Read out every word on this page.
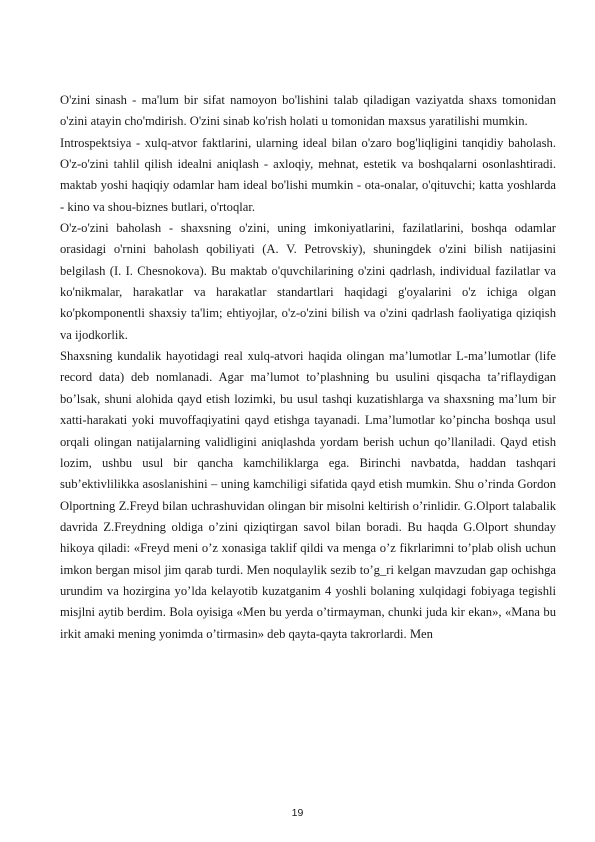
O'zini sinash - ma'lum bir sifat namoyon bo'lishini talab qiladigan vaziyatda shaxs tomonidan o'zini atayin cho'mdirish. O'zini sinab ko'rish holati u tomonidan maxsus yaratilishi mumkin.

Introspektsiya - xulq-atvor faktlarini, ularning ideal bilan o'zaro bog'liqligini tanqidiy baholash. O'z-o'zini tahlil qilish idealni aniqlash - axloqiy, mehnat, estetik va boshqalarni osonlashtiradi. maktab yoshi haqiqiy odamlar ham ideal bo'lishi mumkin - ota-onalar, o'qituvchi; katta yoshlarda - kino va shou-biznes butlari, o'rtoqlar.

O'z-o'zini baholash - shaxsning o'zini, uning imkoniyatlarini, fazilatlarini, boshqa odamlar orasidagi o'rnini baholash qobiliyati (A. V. Petrovskiy), shuningdek o'zini bilish natijasini belgilash (I. I. Chesnokova). Bu maktab o'quvchilarining o'zini qadrlash, individual fazilatlar va ko'nikmalar, harakatlar va harakatlar standartlari haqidagi g'oyalarini o'z ichiga olgan ko'pkomponentli shaxsiy ta'lim; ehtiyojlar, o'z-o'zini bilish va o'zini qadrlash faoliyatiga qiziqish va ijodkorlik.

Shaxsning kundalik hayotidagi real xulq-atvori haqida olingan ma’lumotlar L-ma’lumotlar (life record data) deb nomlanadi. Agar ma’lumot to’plashning bu usulini qisqacha ta’riflaydigan bo’lsak, shuni alohida qayd etish lozimki, bu usul tashqi kuzatishlarga va shaxsning ma’lum bir xatti-harakati yoki muvoffaqiyatini qayd etishga tayanadi. Lma’lumotlar ko’pincha boshqa usul orqali olingan natijalarning validligini aniqlashda yordam berish uchun qo’llaniladi. Qayd etish lozim, ushbu usul bir qancha kamchiliklarga ega. Birinchi navbatda, haddan tashqari sub’ektivlilikka asoslanishini – uning kamchiligi sifatida qayd etish mumkin. Shu o’rinda Gordon Olportning Z.Freyd bilan uchrashuvidan olingan bir misolni keltirish o’rinlidir. G.Olport talabalik davrida Z.Freydning oldiga o’zini qiziqtirgan savol bilan boradi. Bu haqda G.Olport shunday hikoya qiladi: «Freyd meni o’z xonasiga taklif qildi va menga o’z fikrlarimni to’plab olish uchun imkon bergan misol jim qarab turdi. Men noqulaylik sezib to’g_ri kelgan mavzudan gap ochishga urundim va hozirgina yo’lda kelayotib kuzatganim 4 yoshli bolaning xulqidagi fobiyaga tegishli misjlni aytib berdim. Bola oyisiga «Men bu yerda o’tirmayman, chunki juda kir ekan», «Mana bu irkit amaki mening yonimda o’tirmasin» deb qayta-qayta takrorlardi. Men

19
